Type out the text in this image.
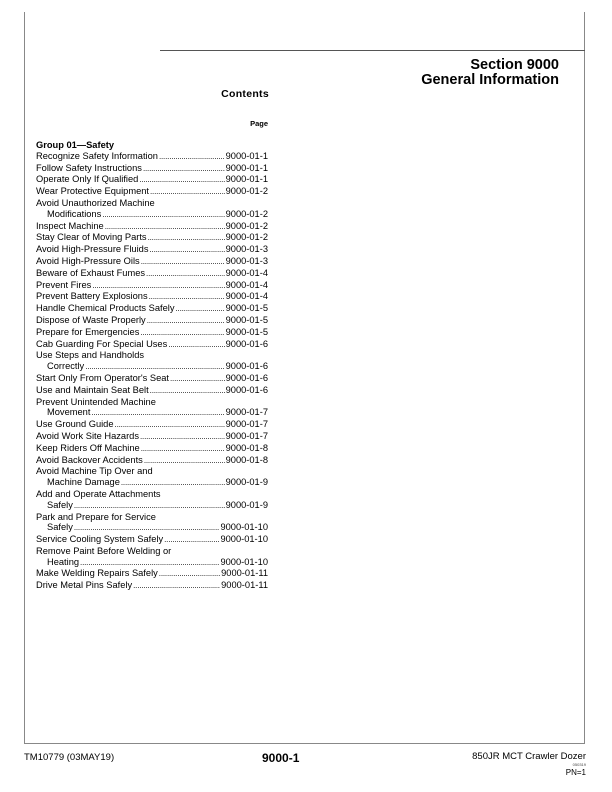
Section 9000
General Information
Contents
Page
Group 01—Safety
Recognize Safety Information . . .	9000-01-1
Follow Safety Instructions . . .	9000-01-1
Operate Only If Qualified . . .	9000-01-1
Wear Protective Equipment . . .	9000-01-2
Avoid Unauthorized Machine
Modifications . . .	9000-01-2
Inspect Machine . . .	9000-01-2
Stay Clear of Moving Parts . . .	9000-01-2
Avoid High-Pressure Fluids . . .	9000-01-3
Avoid High-Pressure Oils . . .	9000-01-3
Beware of Exhaust Fumes . . .	9000-01-4
Prevent Fires . . .	9000-01-4
Prevent Battery Explosions . . .	9000-01-4
Handle Chemical Products Safely . . .	9000-01-5
Dispose of Waste Properly . . .	9000-01-5
Prepare for Emergencies . . .	9000-01-5
Cab Guarding For Special Uses . . .	9000-01-6
Use Steps and Handholds
Correctly . . .	9000-01-6
Start Only From Operator's Seat . . .	9000-01-6
Use and Maintain Seat Belt . . .	9000-01-6
Prevent Unintended Machine
Movement . . .	9000-01-7
Use Ground Guide . . .	9000-01-7
Avoid Work Site Hazards . . .	9000-01-7
Keep Riders Off Machine . . .	9000-01-8
Avoid Backover Accidents . . .	9000-01-8
Avoid Machine Tip Over and
Machine Damage . . .	9000-01-9
Add and Operate Attachments
Safely . . .	9000-01-9
Park and Prepare for Service
Safely . . .	9000-01-10
Service Cooling System Safely . . .	9000-01-10
Remove Paint Before Welding or
Heating . . .	9000-01-10
Make Welding Repairs Safely . . .	9000-01-11
Drive Metal Pins Safely . . .	9000-01-11
TM10779 (03MAY19)	9000-1	850JR MCT Crawler Dozer
050319
PN=1
